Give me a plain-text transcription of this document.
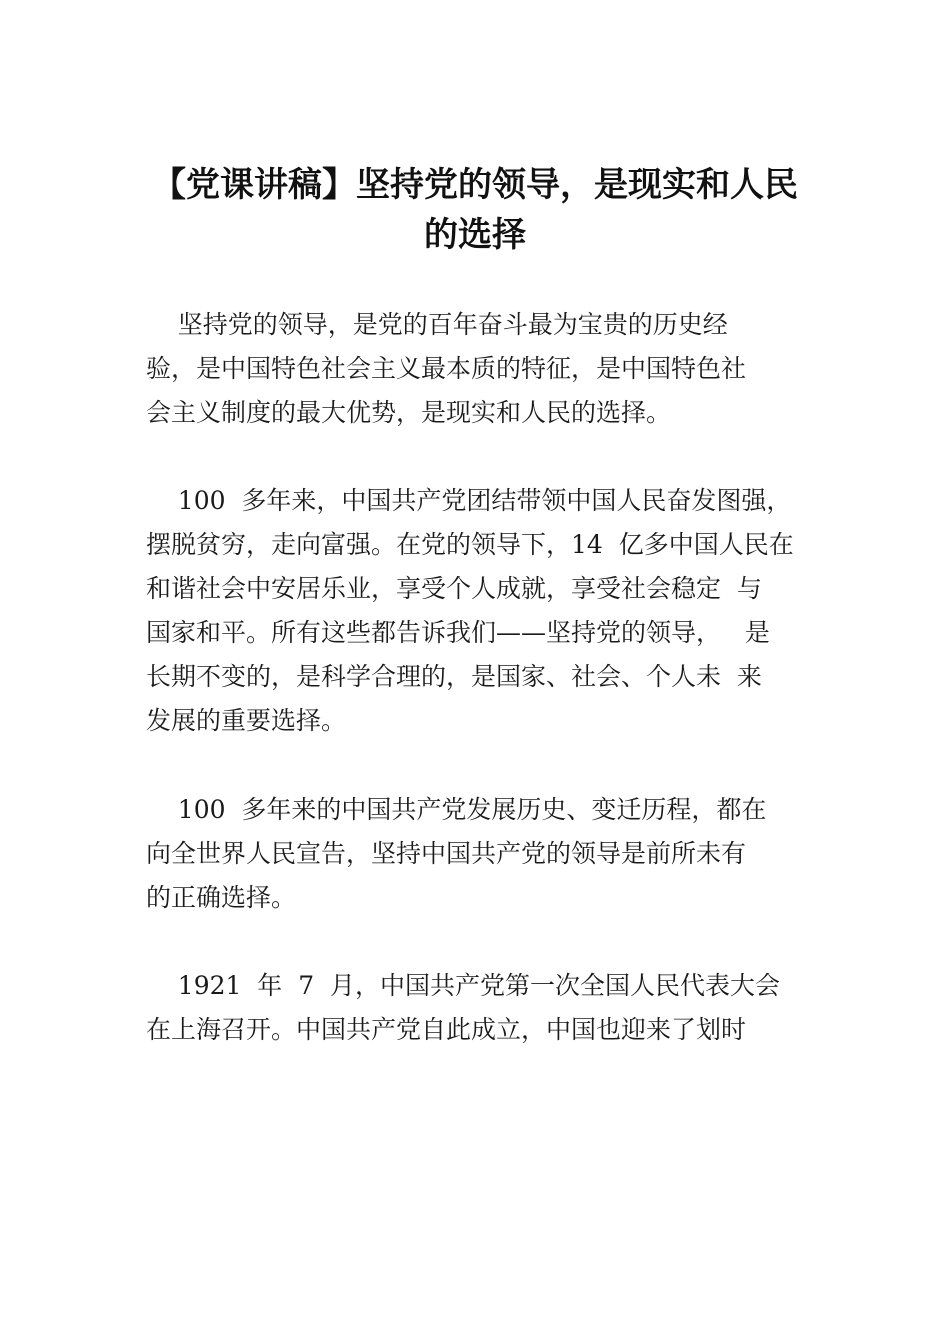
【党课讲稿】坚持党的领导，是现实和人民
的选择

坚持党的领导，是党的百年奋斗最为宝贵的历史经
验，是中国特色社会主义最本质的特征，是中国特色社
会主义制度的最大优势，是现实和人民的选择。

100  多年来，中国共产党团结带领中国人民奋发图强，
摆脱贫穷，走向富强。在党的领导下，14  亿多中国人民在
和谐社会中安居乐业，享受个人成就，享受社会稳定  与
国家和平。所有这些都告诉我们——坚持党的领导，   是
长期不变的，是科学合理的，是国家、社会、个人未  来
发展的重要选择。

100  多年来的中国共产党发展历史、变迁历程，都在
向全世界人民宣告，坚持中国共产党的领导是前所未有
的正确选择。

1921  年  7  月，中国共产党第一次全国人民代表大会
在上海召开。中国共产党自此成立，中国也迎来了划时
